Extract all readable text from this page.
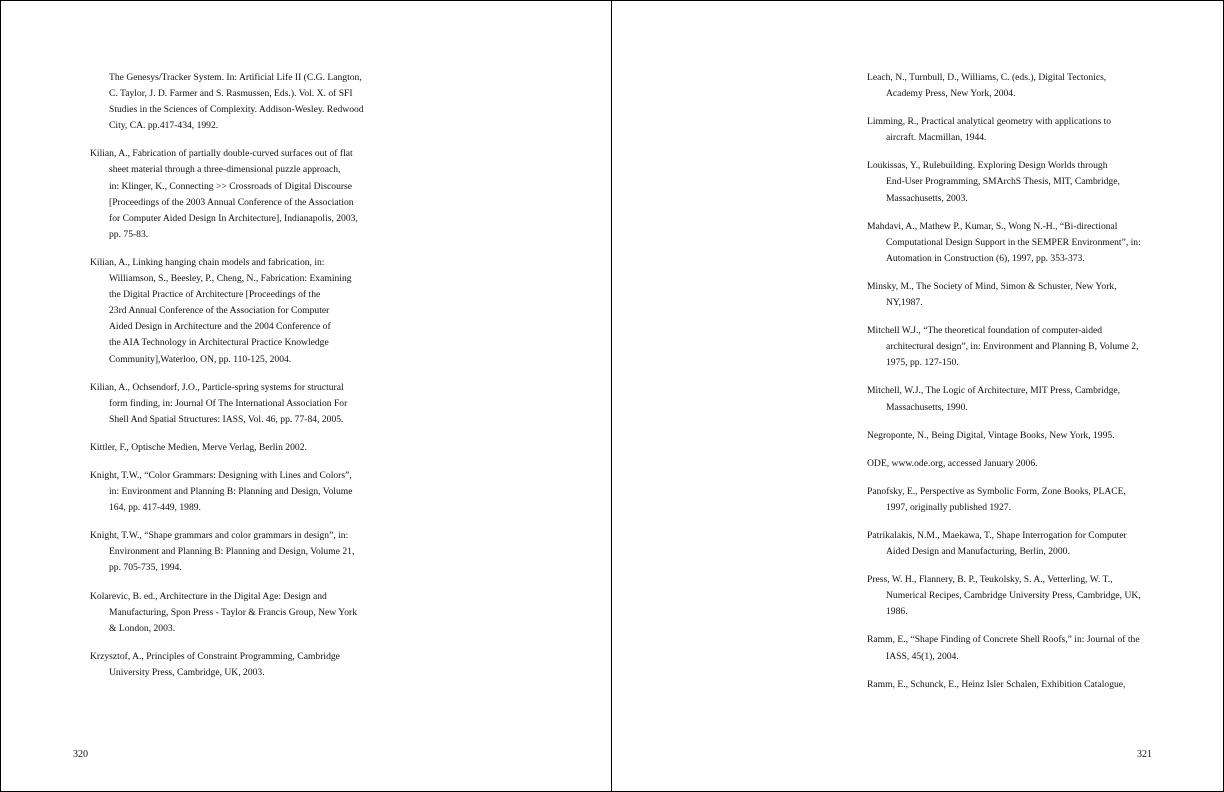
The Genesys/Tracker System. In: Artificial Life II (C.G. Langton,
C. Taylor, J. D. Farmer and S. Rasmussen, Eds.). Vol. X. of SFI
Studies in the Sciences of Complexity. Addison-Wesley. Redwood
City, CA. pp.417-434, 1992.

Kilian, A., Fabrication of partially double-curved surfaces out of flat
sheet material through a three-dimensional puzzle approach,
in: Klinger, K., Connecting >> Crossroads of Digital Discourse
[Proceedings of the 2003 Annual Conference of the Association
for Computer Aided Design In Architecture], Indianapolis, 2003,
pp. 75-83.

Kilian, A., Linking hanging chain models and fabrication, in:
Williamson, S., Beesley, P., Cheng, N., Fabrication: Examining
the Digital Practice of Architecture [Proceedings of the
23rd Annual Conference of the Association for Computer
Aided Design in Architecture and the 2004 Conference of
the AIA Technology in Architectural Practice Knowledge
Community],Waterloo, ON, pp. 110-125, 2004.

Kilian, A., Ochsendorf, J.O., Particle-spring systems for structural
form finding, in: Journal Of The International Association For
Shell And Spatial Structures: IASS, Vol. 46, pp. 77-84, 2005.

Kittler, F., Optische Medien, Merve Verlag, Berlin 2002.

Knight, T.W., “Color Grammars: Designing with Lines and Colors”,
in: Environment and Planning B: Planning and Design, Volume
164, pp. 417-449, 1989.

Knight, T.W., “Shape grammars and color grammars in design”, in:
Environment and Planning B: Planning and Design, Volume 21,
pp. 705-735, 1994.

Kolarevic, B. ed., Architecture in the Digital Age: Design and
Manufacturing, Spon Press - Taylor & Francis Group, New York
& London, 2003.

Krzysztof, A., Principles of Constraint Programming, Cambridge
University Press, Cambridge, UK, 2003.

320

Leach, N., Turnbull, D., Williams, C. (eds.), Digital Tectonics,
Academy Press, New York, 2004.

Limming, R., Practical analytical geometry with applications to
aircraft. Macmillan, 1944.

Loukissas, Y., Rulebuilding. Exploring Design Worlds through
End-User Programming, SMArchS Thesis, MIT, Cambridge,
Massachusetts, 2003.

Mahdavi, A., Mathew P., Kumar, S., Wong N.-H., “Bi-directional
Computational Design Support in the SEMPER Environment”, in:
Automation in Construction (6), 1997, pp. 353-373.

Minsky, M., The Society of Mind, Simon & Schuster, New York,
NY,1987.

Mitchell W.J., “The theoretical foundation of computer-aided
architectural design”, in: Environment and Planning B, Volume 2,
1975, pp. 127-150.

Mitchell, W.J., The Logic of Architecture, MIT Press, Cambridge,
Massachusetts, 1990.

Negroponte, N., Being Digital, Vintage Books, New York, 1995.

ODE, www.ode.org, accessed January 2006.

Panofsky, E., Perspective as Symbolic Form, Zone Books, PLACE,
1997, originally published 1927.

Patrikalakis, N.M., Maekawa, T., Shape Interrogation for Computer
Aided Design and Manufacturing, Berlin, 2000.

Press, W. H., Flannery, B. P., Teukolsky, S. A., Vetterling, W. T.,
Numerical Recipes, Cambridge University Press, Cambridge, UK,
1986.

Ramm, E., “Shape Finding of Concrete Shell Roofs,” in: Journal of the
IASS, 45(1), 2004.

Ramm, E., Schunck, E., Heinz Isler Schalen, Exhibition Catalogue,

321
